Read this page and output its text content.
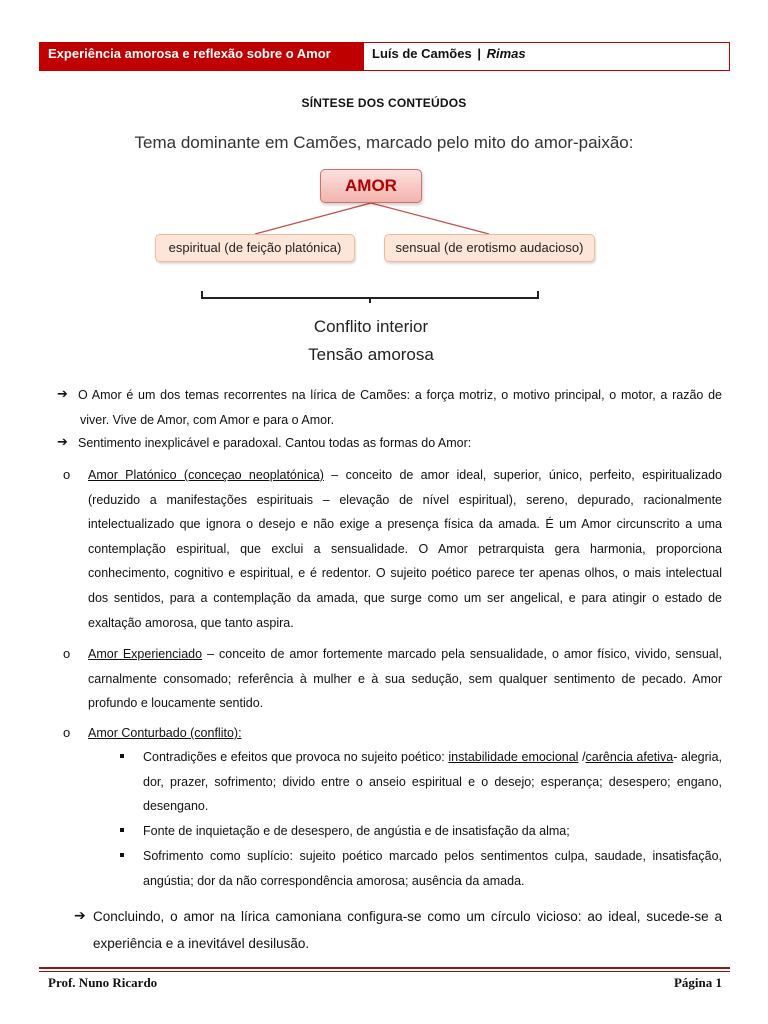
Experiência amorosa e reflexão sobre o Amor	Luís de Camões | Rimas
SÍNTESE DOS CONTEÚDOS
Tema dominante em Camões, marcado pelo mito do amor-paixão:
AMOR
espiritual (de feição platónica)	sensual (de erotismo audacioso)
Conflito interior
Tensão amorosa
➔ O Amor é um dos temas recorrentes na lírica de Camões: a força motriz, o motivo principal, o motor, a razão de viver. Vive de Amor, com Amor e para o Amor.
➔ Sentimento inexplicável e paradoxal. Cantou todas as formas do Amor:
o Amor Platónico (conceçao neoplatónica) – conceito de amor ideal, superior, único, perfeito, espiritualizado (reduzido a manifestações espirituais – elevação de nível espiritual), sereno, depurado, racionalmente intelectualizado que ignora o desejo e não exige a presença física da amada. É um Amor circunscrito a uma contemplação espiritual, que exclui a sensualidade. O Amor petrarquista gera harmonia, proporciona conhecimento, cognitivo e espiritual, e é redentor. O sujeito poético parece ter apenas olhos, o mais intelectual dos sentidos, para a contemplação da amada, que surge como um ser angelical, e para atingir o estado de exaltação amorosa, que tanto aspira.
o Amor Experienciado – conceito de amor fortemente marcado pela sensualidade, o amor físico, vivido, sensual, carnalmente consomado; referência à mulher e à sua sedução, sem qualquer sentimento de pecado. Amor profundo e loucamente sentido.
o Amor Conturbado (conflito):
Contradições e efeitos que provoca no sujeito poético: instabilidade emocional /carência afetiva- alegria, dor, prazer, sofrimento; divido entre o anseio espiritual e o desejo; esperança; desespero; engano, desengano.
Fonte de inquietação e de desespero, de angústia e de insatisfação da alma;
Sofrimento como suplício: sujeito poético marcado pelos sentimentos culpa, saudade, insatisfação, angústia; dor da não correspondência amorosa; ausência da amada.
➔ Concluindo, o amor na lírica camoniana configura-se como um círculo vicioso: ao ideal, sucede-se a experiência e a inevitável desilusão.
Prof. Nuno Ricardo	Página 1
